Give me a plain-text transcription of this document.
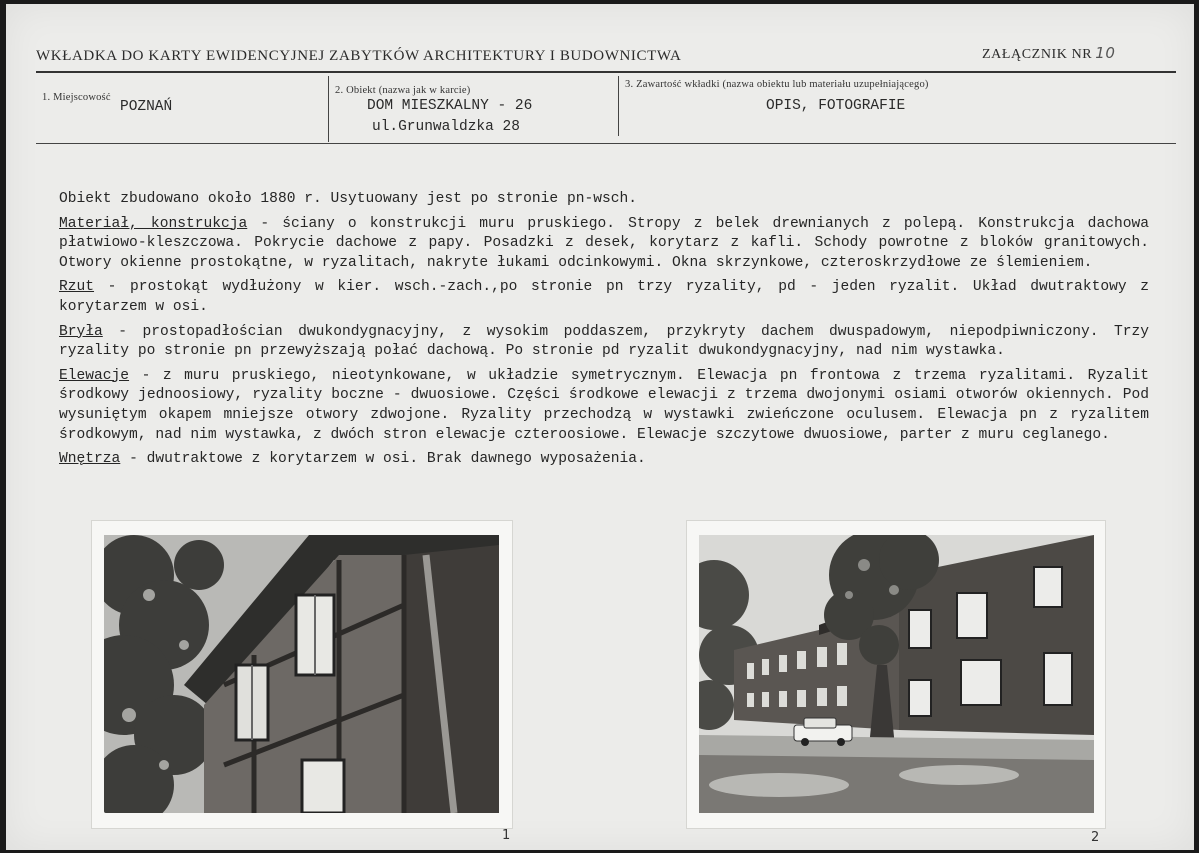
WKŁADKA DO KARTY EWIDENCYJNEJ ZABYTKÓW ARCHITEKTURY I BUDOWNICTWA	ZAŁĄCZNIK NR 10
1. Miejscowość
POZNAŃ
2. Obiekt (nazwa jak w karcie)
DOM MIESZKALNY - 26
ul.Grunwaldzka 28
3. Zawartość wkładki (nazwa obiektu lub materiału uzupełniającego)
OPIS, FOTOGRAFIE

Obiekt zbudowano około 1880 r. Usytuowany jest po stronie pn-wsch.

Materiał, konstrukcja - ściany o konstrukcji muru pruskiego. Stropy z belek drewnianych z polepą. Konstrukcja dachowa płatwiowo-kleszczowa. Pokrycie dachowe z papy. Posadzki z desek, korytarz z kafli. Schody powrotne z bloków granitowych. Otwory okienne prostokątne, w ryzalitach, nakryte łukami odcinkowymi. Okna skrzynkowe, czteroskrzydłowe ze ślemieniem.

Rzut - prostokąt wydłużony w kier. wsch.-zach.,po stronie pn trzy ryzality, pd - jeden ryzalit. Układ dwutraktowy z korytarzem w osi.

Bryła - prostopadłościan dwukondygnacyjny, z wysokim poddaszem, przykryty dachem dwuspadowym, niepodpiwniczony. Trzy ryzality po stronie pn przewyższają połać dachową. Po stronie pd ryzalit dwukondygnacyjny, nad nim wystawka.

Elewacje - z muru pruskiego, nieotynkowane, w układzie symetrycznym. Elewacja pn frontowa z trzema ryzalitami. Ryzalit środkowy jednoosiowy, ryzality boczne - dwuosiowe. Części środkowe elewacji z trzema dwojonymi osiami otworów okiennych. Pod wysuniętym okapem mniejsze otwory zdwojone. Ryzality przechodzą w wystawki zwieńczone oculusem. Elewacja pn z ryzalitem środkowym, nad nim wystawka, z dwóch stron elewacje czteroosiowe. Elewacje szczytowe dwuosiowe, parter z muru ceglanego.

Wnętrza - dwutraktowe z korytarzem w osi. Brak dawnego wyposażenia.

1	2
